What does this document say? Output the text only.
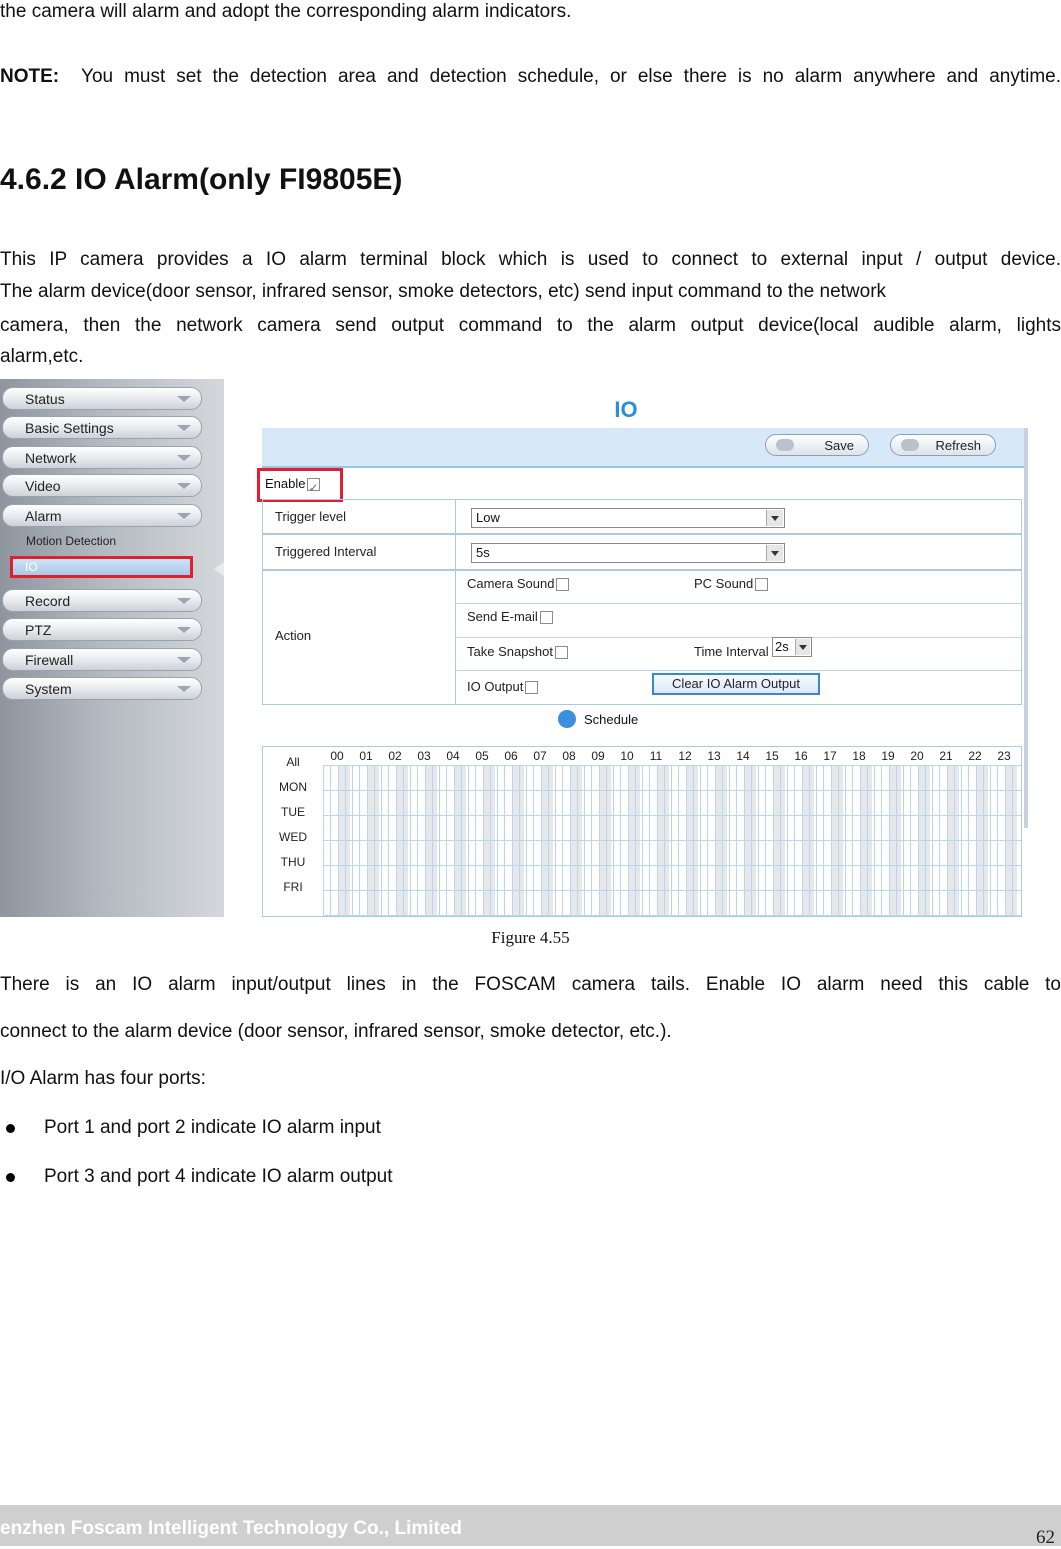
the camera will alarm and adopt the corresponding alarm indicators.

NOTE: You must set the detection area and detection schedule, or else there is no alarm anywhere and anytime.

4.6.2 IO Alarm(only FI9805E)

This IP camera provides a IO alarm terminal block which is used to connect to external input / output device.

The alarm device(door sensor, infrared sensor, smoke detectors, etc) send input command to the network

camera, then the network camera send output command to the alarm output device(local audible alarm, lights

alarm,etc.

Status
Basic Settings
Network
Video
Alarm
Motion Detection
IO
Record
PTZ
Firewall
System
IO
Save	Refresh
Enable✓
Trigger level	Low
Triggered Interval	5s
Action
Camera Sound	PC Sound
Send E-mail
Take Snapshot	Time Interval 2s
IO Output	Clear IO Alarm Output
Schedule
All
MON
TUE
WED
THU
FRI
00	01	02	03	04	05	06	07	08	09	10	11	12	13	14	15	16	17	18	19	20	21	22	23
Figure 4.55

There is an IO alarm input/output lines in the FOSCAM camera tails. Enable IO alarm need this cable to

connect to the alarm device (door sensor, infrared sensor, smoke detector, etc.).

I/O Alarm has four ports:

Port 1 and port 2 indicate IO alarm input
Port 3 and port 4 indicate IO alarm output
enzhen Foscam Intelligent Technology Co., Limited	62
